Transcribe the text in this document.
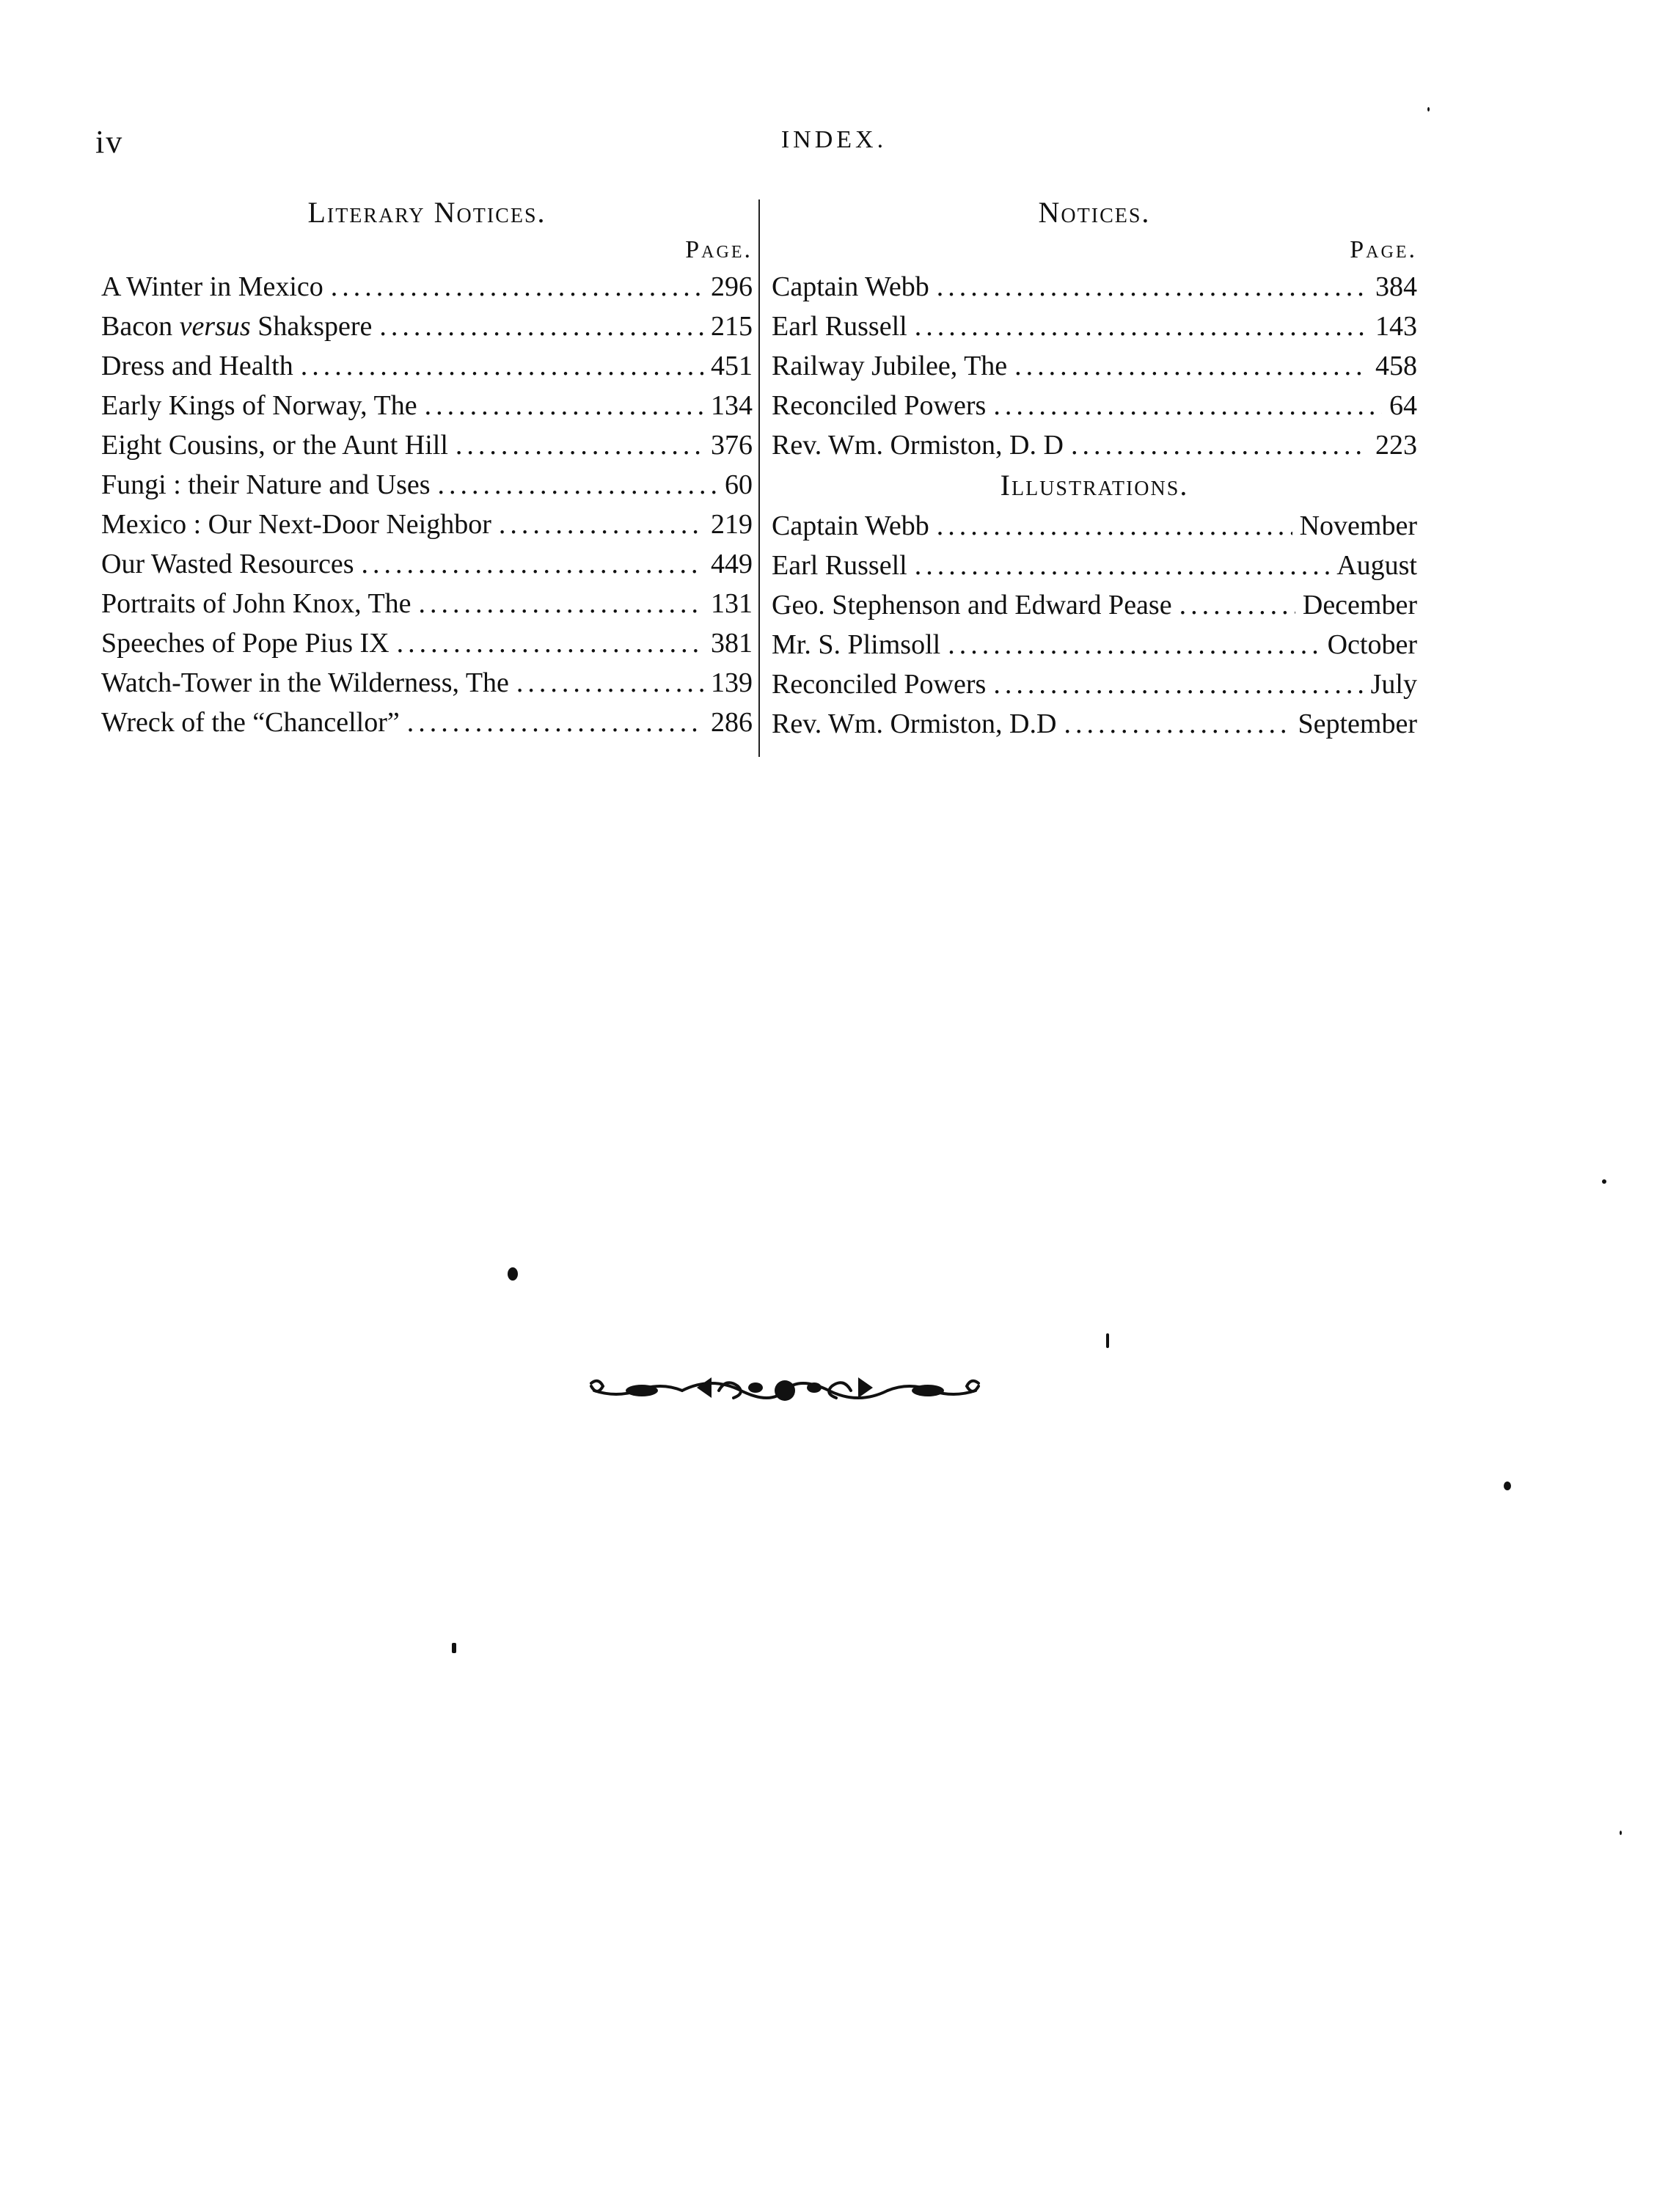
iv	INDEX.
Literary Notices.
Page.
A Winter in Mexico .....	296
Bacon versus Shakspere .....	215
Dress and Health .....	451
Early Kings of Norway, The .....	134
Eight Cousins, or the Aunt Hill .....	376
Fungi : their Nature and Uses .....	60
Mexico : Our Next-Door Neighbor .....	219
Our Wasted Resources .....	449
Portraits of John Knox, The .....	131
Speeches of Pope Pius IX .....	381
Watch-Tower in the Wilderness, The .....	139
Wreck of the “Chancellor” .....	286
Notices.
Page.
Captain Webb .....	384
Earl Russell .....	143
Railway Jubilee, The .....	458
Reconciled Powers .....	64
Rev. Wm. Ormiston, D. D .....	223
Illustrations.
Captain Webb .....	November
Earl Russell .....	August
Geo. Stephenson and Edward Pease .....	December
Mr. S. Plimsoll .....	October
Reconciled Powers .....	July
Rev. Wm. Ormiston, D.D .....	September
